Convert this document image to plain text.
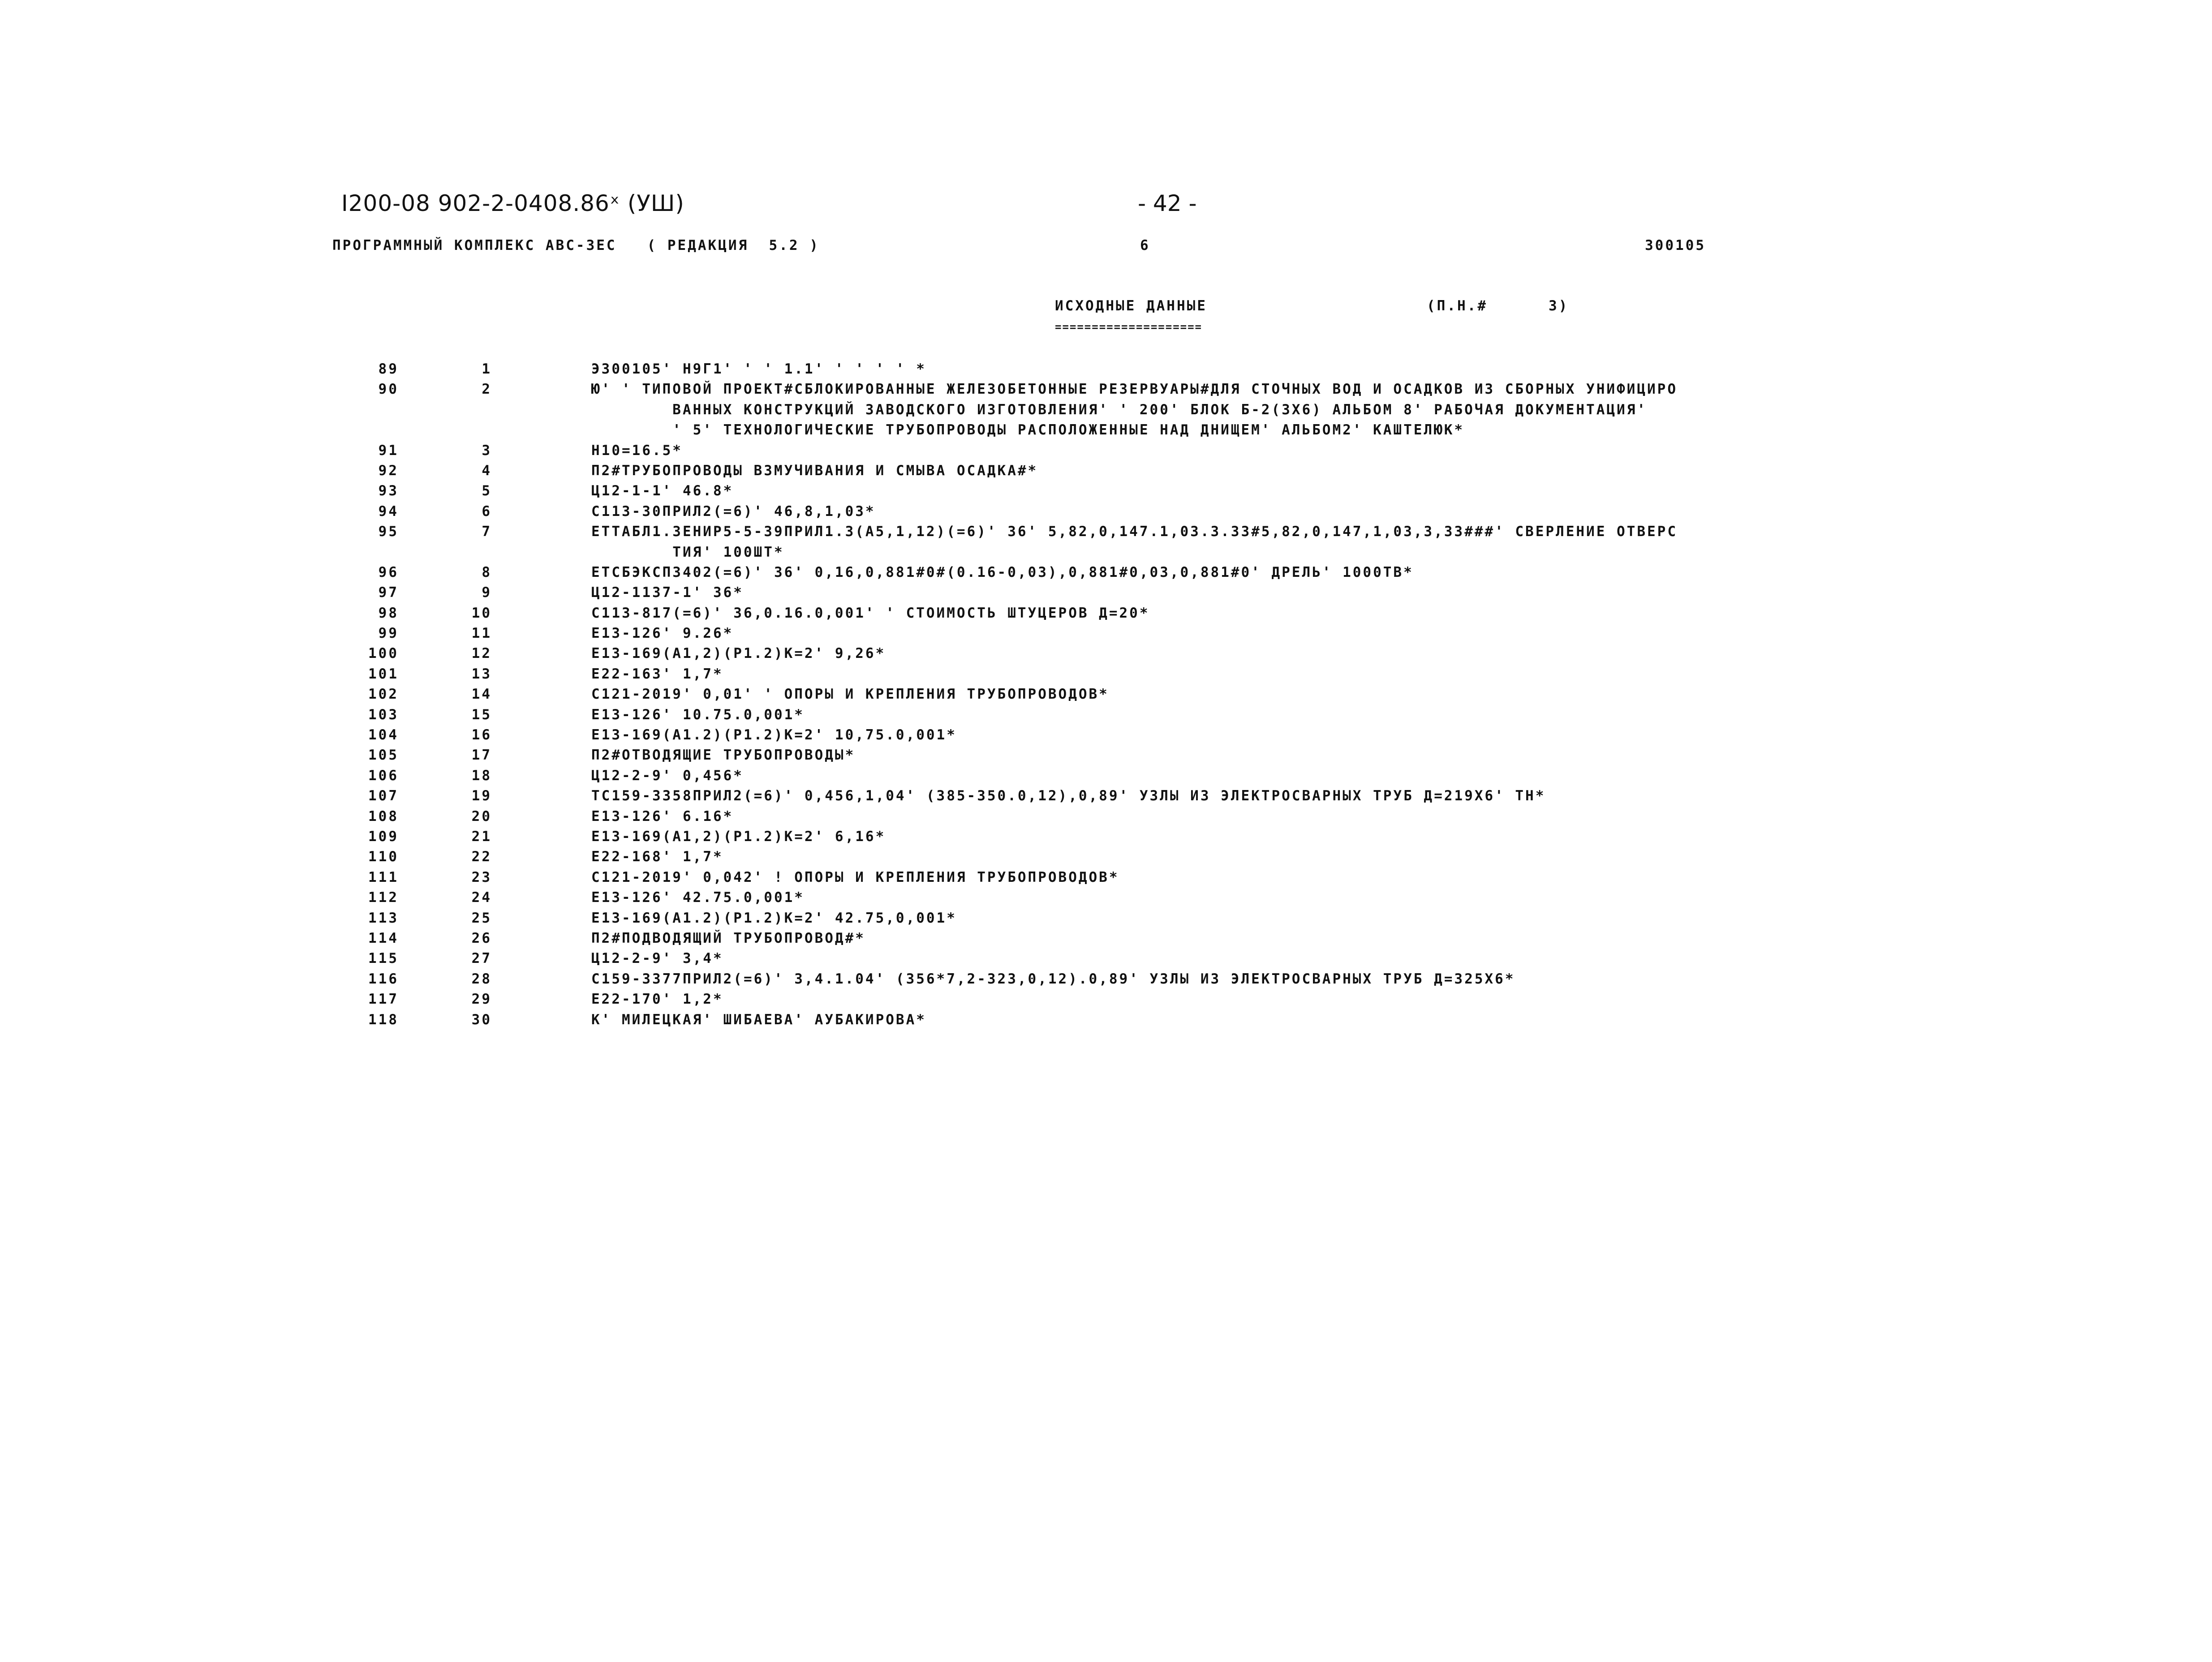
I200-08 902-2-0408.86ˣ (УШ)	- 42 -
ПРОГРАММНЫЙ КОМПЛЕКС АВС-3ЕС   ( РЕДАКЦИЯ  5.2 )	6	300105
ИСХОДНЫЕ ДАННЫЕ
====================
(П.Н.#      3)
89	1	Э300105' Н9Г1' ' ' 1.1' ' ' ' ' *
90	2	Ю' ' ТИПОВОЙ ПРОЕКТ#СБЛОКИРОВАННЫЕ ЖЕЛЕЗОБЕТОННЫЕ РЕЗЕРВУАРЫ#ДЛЯ СТОЧНЫХ ВОД И ОСАДКОВ ИЗ СБОРНЫХ УНИФИЦИРО
ВАННЫХ КОНСТРУКЦИЙ ЗАВОДСКОГО ИЗГОТОВЛЕНИЯ' ' 200' БЛОК Б-2(3Х6) АЛЬБОМ 8' РАБОЧАЯ ДОКУМЕНТАЦИЯ'
' 5' ТЕХНОЛОГИЧЕСКИЕ ТРУБОПРОВОДЫ РАСПОЛОЖЕННЫЕ НАД ДНИЩЕМ' АЛЬБОМ2' КАШТЕЛЮК*
91	3	Н10=16.5*
92	4	П2#ТРУБОПРОВОДЫ ВЗМУЧИВАНИЯ И СМЫВА ОСАДКА#*
93	5	Ц12-1-1' 46.8*
94	6	С113-30ПРИЛ2(=6)' 46,8,1,03*
95	7	ЕТТАБЛ1.3ЕНИР5-5-39ПРИЛ1.3(А5,1,12)(=6)' 36' 5,82,0,147.1,03.3.33#5,82,0,147,1,03,3,33###' СВЕРЛЕНИЕ ОТВЕРС
ТИЯ' 100ШТ*
96	8	ЕТСБЭКСП3402(=6)' 36' 0,16,0,881#0#(0.16-0,03),0,881#0,03,0,881#0' ДРЕЛЬ' 1000ТВ*
97	9	Ц12-1137-1' 36*
98	10	С113-817(=6)' 36,0.16.0,001' ' СТОИМОСТЬ ШТУЦЕРОВ Д=20*
99	11	Е13-126' 9.26*
100	12	Е13-169(А1,2)(Р1.2)К=2' 9,26*
101	13	Е22-163' 1,7*
102	14	С121-2019' 0,01' ' ОПОРЫ И КРЕПЛЕНИЯ ТРУБОПРОВОДОВ*
103	15	Е13-126' 10.75.0,001*
104	16	Е13-169(А1.2)(Р1.2)К=2' 10,75.0,001*
105	17	П2#ОТВОДЯЩИЕ ТРУБОПРОВОДЫ*
106	18	Ц12-2-9' 0,456*
107	19	ТС159-3358ПРИЛ2(=6)' 0,456,1,04' (385-350.0,12),0,89' УЗЛЫ ИЗ ЭЛЕКТРОСВАРНЫХ ТРУБ Д=219Х6' ТН*
108	20	Е13-126' 6.16*
109	21	Е13-169(А1,2)(Р1.2)К=2' 6,16*
110	22	Е22-168' 1,7*
111	23	С121-2019' 0,042' ! ОПОРЫ И КРЕПЛЕНИЯ ТРУБОПРОВОДОВ*
112	24	Е13-126' 42.75.0,001*
113	25	Е13-169(А1.2)(Р1.2)К=2' 42.75,0,001*
114	26	П2#ПОДВОДЯЩИЙ ТРУБОПРОВОД#*
115	27	Ц12-2-9' 3,4*
116	28	С159-3377ПРИЛ2(=6)' 3,4.1.04' (356*7,2-323,0,12).0,89' УЗЛЫ ИЗ ЭЛЕКТРОСВАРНЫХ ТРУБ Д=325Х6*
117	29	Е22-170' 1,2*
118	30	К' МИЛЕЦКАЯ' ШИБАЕВА' АУБАКИРОВА*
